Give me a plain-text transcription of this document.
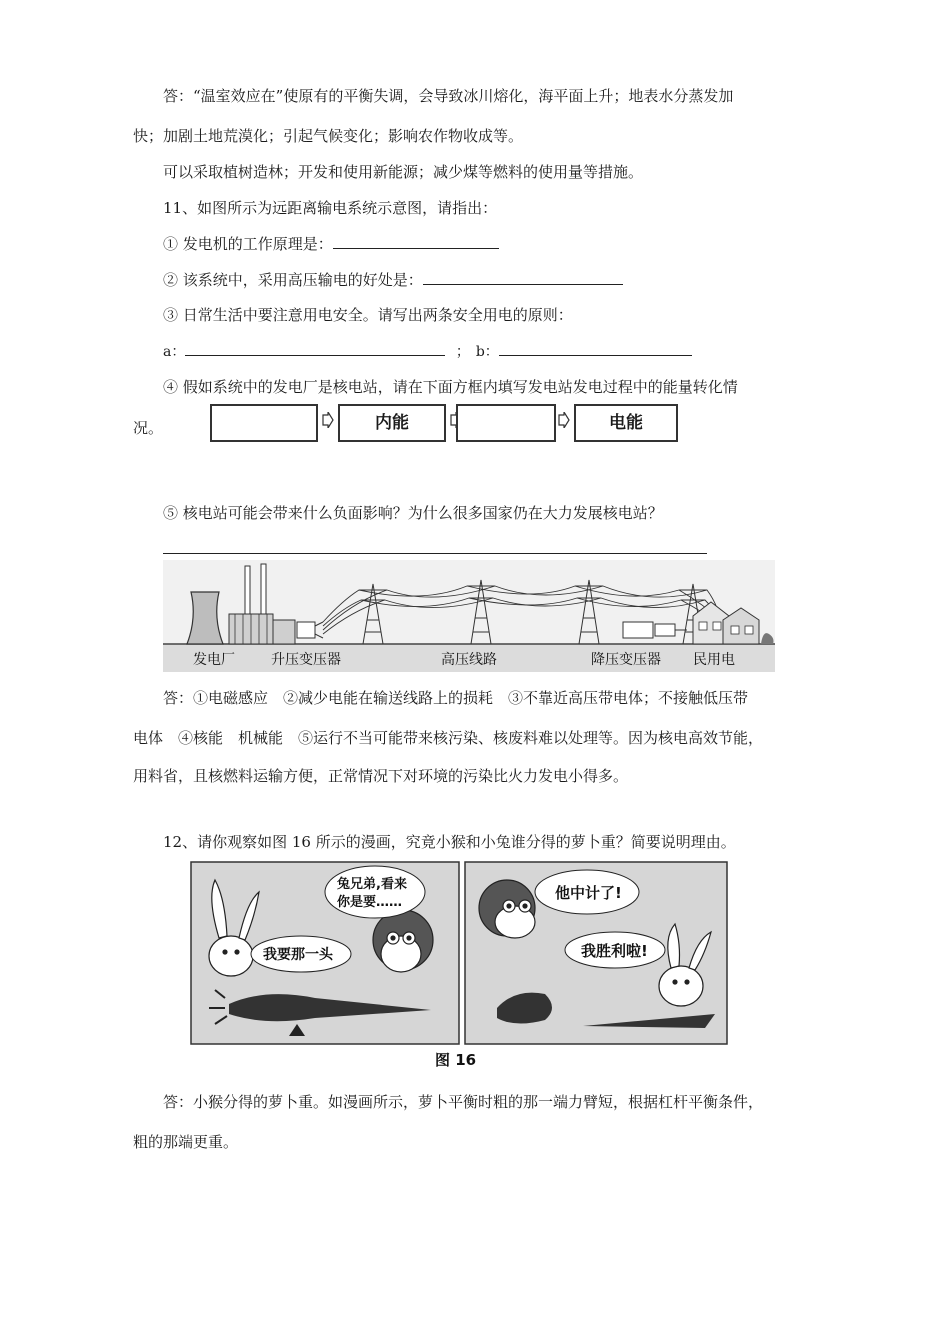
答：“温室效应在”使原有的平衡失调，会导致冰川熔化，海平面上升；地表水分蒸发加
快；加剧土地荒漠化；引起气候变化；影响农作物收成等。
可以采取植树造林；开发和使用新能源；减少煤等燃料的使用量等措施。
11、如图所示为远距离输电系统示意图，请指出：
① 发电机的工作原理是：
② 该系统中，采用高压输电的好处是：
③ 日常生活中要注意用电安全。请写出两条安全用电的原则：
a：	； b：
④ 假如系统中的发电厂是核电站，请在下面方框内填写发电站发电过程中的能量转化情
况。	内能	电能
⑤ 核电站可能会带来什么负面影响？为什么很多国家仍在大力发展核电站？
发电厂	升压变压器	高压线路	降压变压器 民用电
答：①电磁感应　②减少电能在输送线路上的损耗　③不靠近高压带电体；不接触低压带
电体　④核能　机械能　⑤运行不当可能带来核污染、核废料难以处理等。因为核电高效节能，
用料省，且核燃料运输方便，正常情况下对环境的污染比火力发电小得多。
12、请你观察如图 16 所示的漫画，究竟小猴和小兔谁分得的萝卜重？简要说明理由。
兔兄弟,看来
你是要……
我要那一头
他中计了!
我胜利啦!
图 16
答：小猴分得的萝卜重。如漫画所示，萝卜平衡时粗的那一端力臂短，根据杠杆平衡条件，
粗的那端更重。
